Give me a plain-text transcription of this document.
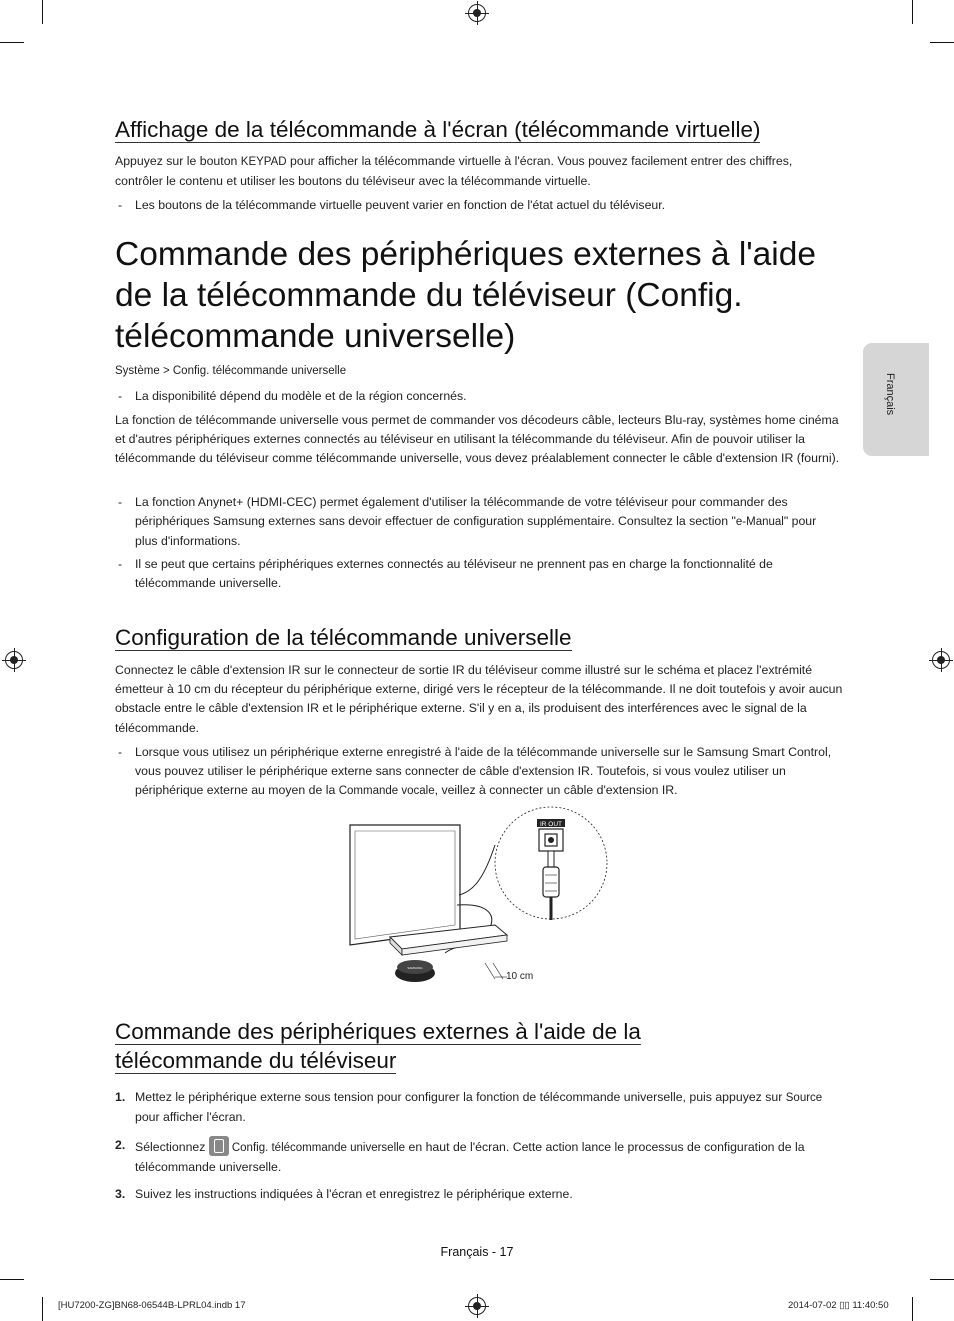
Français
Affichage de la télécommande à l'écran (télécommande virtuelle)

Appuyez sur le bouton KEYPAD pour afficher la télécommande virtuelle à l'écran. Vous pouvez facilement entrer des chiffres, contrôler le contenu et utiliser les boutons du téléviseur avec la télécommande virtuelle.

- Les boutons de la télécommande virtuelle peuvent varier en fonction de l'état actuel du téléviseur.

Commande des périphériques externes à l'aide de la télécommande du téléviseur (Config. télécommande universelle)

Système > Config. télécommande universelle

- La disponibilité dépend du modèle et de la région concernés.

La fonction de télécommande universelle vous permet de commander vos décodeurs câble, lecteurs Blu-ray, systèmes home cinéma et d'autres périphériques externes connectés au téléviseur en utilisant la télécommande du téléviseur. Afin de pouvoir utiliser la télécommande du téléviseur comme télécommande universelle, vous devez préalablement connecter le câble d'extension IR (fourni).

- La fonction Anynet+ (HDMI-CEC) permet également d'utiliser la télécommande de votre téléviseur pour commander des périphériques Samsung externes sans devoir effectuer de configuration supplémentaire. Consultez la section "e-Manual" pour plus d'informations.

- Il se peut que certains périphériques externes connectés au téléviseur ne prennent pas en charge la fonctionnalité de télécommande universelle.

Configuration de la télécommande universelle

Connectez le câble d'extension IR sur le connecteur de sortie IR du téléviseur comme illustré sur le schéma et placez l'extrémité émetteur à 10 cm du récepteur du périphérique externe, dirigé vers le récepteur de la télécommande. Il ne doit toutefois y avoir aucun obstacle entre le câble d'extension IR et le périphérique externe. S'il y en a, ils produisent des interférences avec le signal de la télécommande.

- Lorsque vous utilisez un périphérique externe enregistré à l'aide de la télécommande universelle sur le Samsung Smart Control, vous pouvez utiliser le périphérique externe sans connecter de câble d'extension IR. Toutefois, si vous voulez utiliser un périphérique externe au moyen de la Commande vocale, veillez à connecter un câble d'extension IR.

IR OUT
SAMSUNG
10 cm
Commande des périphériques externes à l'aide de la télécommande du téléviseur
1. Mettez le périphérique externe sous tension pour configurer la fonction de télécommande universelle, puis appuyez sur Source pour afficher l'écran.

2. Sélectionnez
Config. télécommande universelle en haut de l'écran. Cette action lance le processus de configuration de la télécommande universelle.

3. Suivez les instructions indiquées à l'écran et enregistrez le périphérique externe.

Français - 17
[HU7200-ZG]BN68-06544B-LPRL04.indb 17	2014-07-02 ▯▯ 11:40:50
